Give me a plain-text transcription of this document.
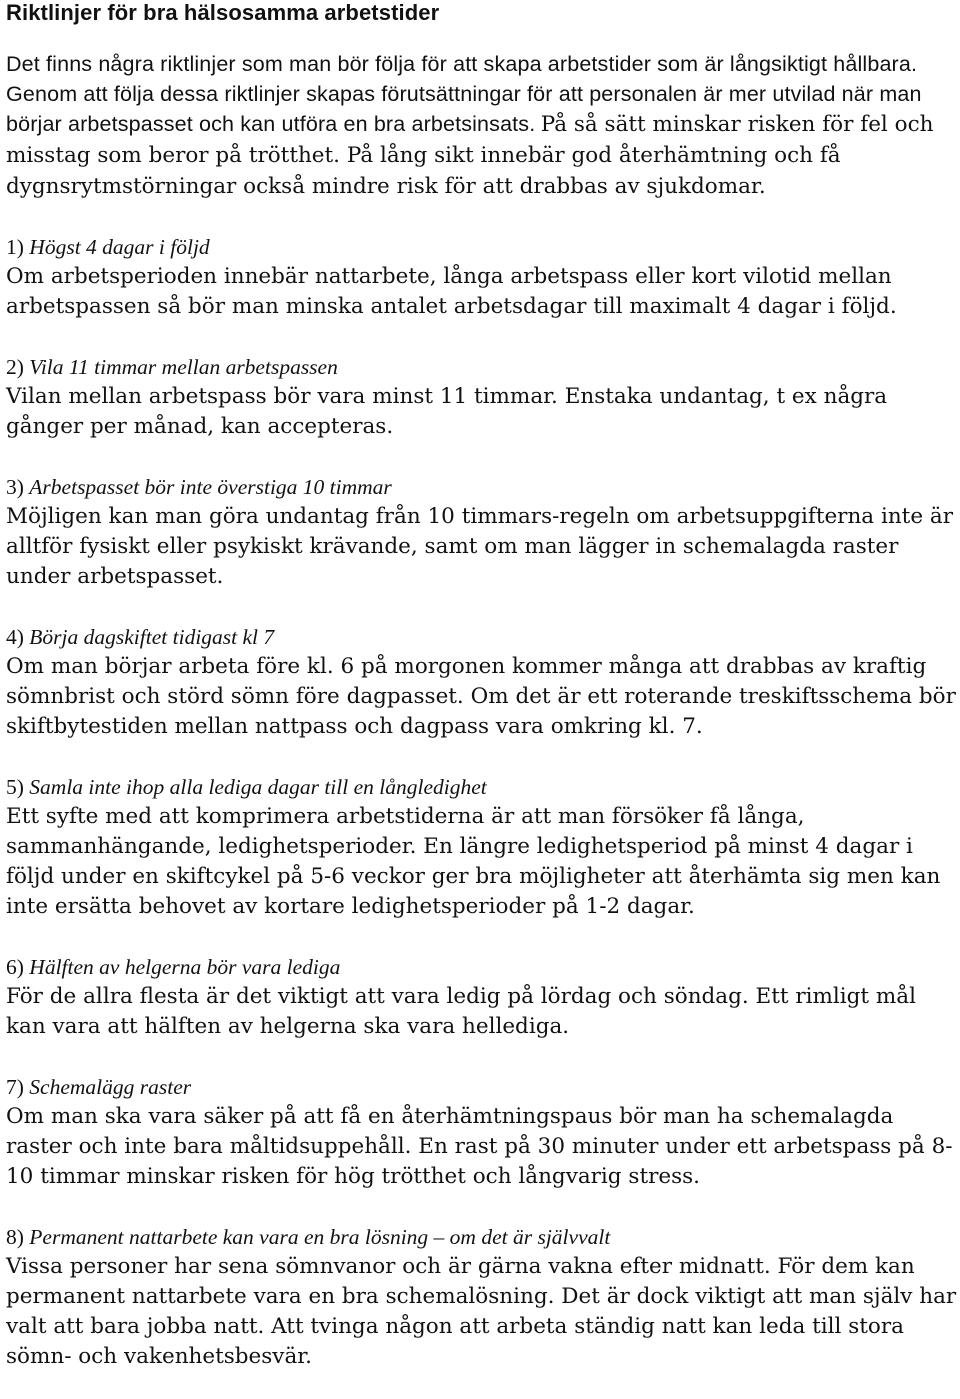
Riktlinjer för bra hälsosamma arbetstider

Det finns några riktlinjer som man bör följa för att skapa arbetstider som är långsiktigt hållbara. Genom att följa dessa riktlinjer skapas förutsättningar för att personalen är mer utvilad när man börjar arbetspasset och kan utföra en bra arbetsinsats. På så sätt minskar risken för fel och misstag som beror på trötthet. På lång sikt innebär god återhämtning och få dygnsrytmstörningar också mindre risk för att drabbas av sjukdomar.

1) Högst 4 dagar i följd
Om arbetsperioden innebär nattarbete, långa arbetspass eller kort vilotid mellan arbetspassen så bör man minska antalet arbetsdagar till maximalt 4 dagar i följd.
2) Vila 11 timmar mellan arbetspassen
Vilan mellan arbetspass bör vara minst 11 timmar. Enstaka undantag, t ex några gånger per månad, kan accepteras.
3) Arbetspasset bör inte överstiga 10 timmar
Möjligen kan man göra undantag från 10 timmars-regeln om arbetsuppgifterna inte är alltför fysiskt eller psykiskt krävande, samt om man lägger in schemalagda raster under arbetspasset.
4) Börja dagskiftet tidigast kl 7
Om man börjar arbeta före kl. 6 på morgonen kommer många att drabbas av kraftig sömnbrist och störd sömn före dagpasset. Om det är ett roterande treskiftsschema bör skiftbytestiden mellan nattpass och dagpass vara omkring kl. 7.
5) Samla inte ihop alla lediga dagar till en långledighet
Ett syfte med att komprimera arbetstiderna är att man försöker få långa, sammanhängande, ledighetsperioder. En längre ledighetsperiod på minst 4 dagar i följd under en skiftcykel på 5-6 veckor ger bra möjligheter att återhämta sig men kan inte ersätta behovet av kortare ledighetsperioder på 1-2 dagar.
6) Hälften av helgerna bör vara lediga
För de allra flesta är det viktigt att vara ledig på lördag och söndag. Ett rimligt mål kan vara att hälften av helgerna ska vara hellediga.
7) Schemalägg raster
Om man ska vara säker på att få en återhämtningspaus bör man ha schemalagda raster och inte bara måltidsuppehåll. En rast på 30 minuter under ett arbetspass på 8-10 timmar minskar risken för hög trötthet och långvarig stress.
8) Permanent nattarbete kan vara en bra lösning – om det är självvalt
Vissa personer har sena sömnvanor och är gärna vakna efter midnatt. För dem kan permanent nattarbete vara en bra schemalösning. Det är dock viktigt att man själv har valt att bara jobba natt. Att tvinga någon att arbeta ständig natt kan leda till stora sömn- och vakenhetsbesvär.
